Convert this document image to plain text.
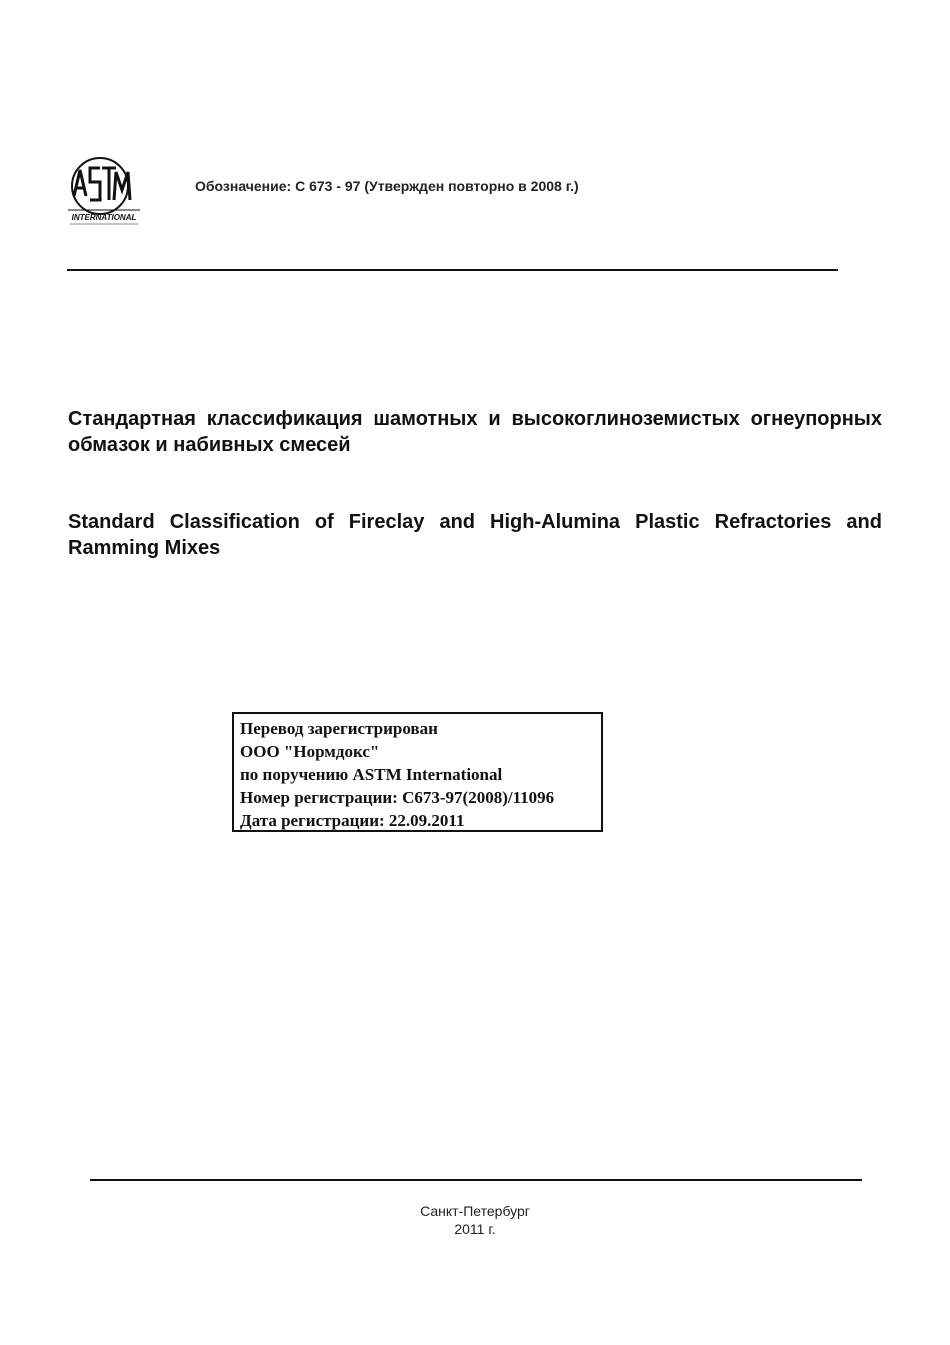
INTERNATIONAL
Обозначение: C 673 - 97 (Утвержден повторно в 2008 г.)
Стандартная классификация шамотных и высокоглиноземистых огнеупорных обмазок и набивных смесей
Standard Classification of Fireclay and High-Alumina Plastic Refractories and Ramming Mixes
Перевод зарегистрирован
ООО "Нормдокс"
по поручению ASTM International
Номер регистрации: C673-97(2008)/11096
Дата регистрации: 22.09.2011
Санкт-Петербург
2011 г.
